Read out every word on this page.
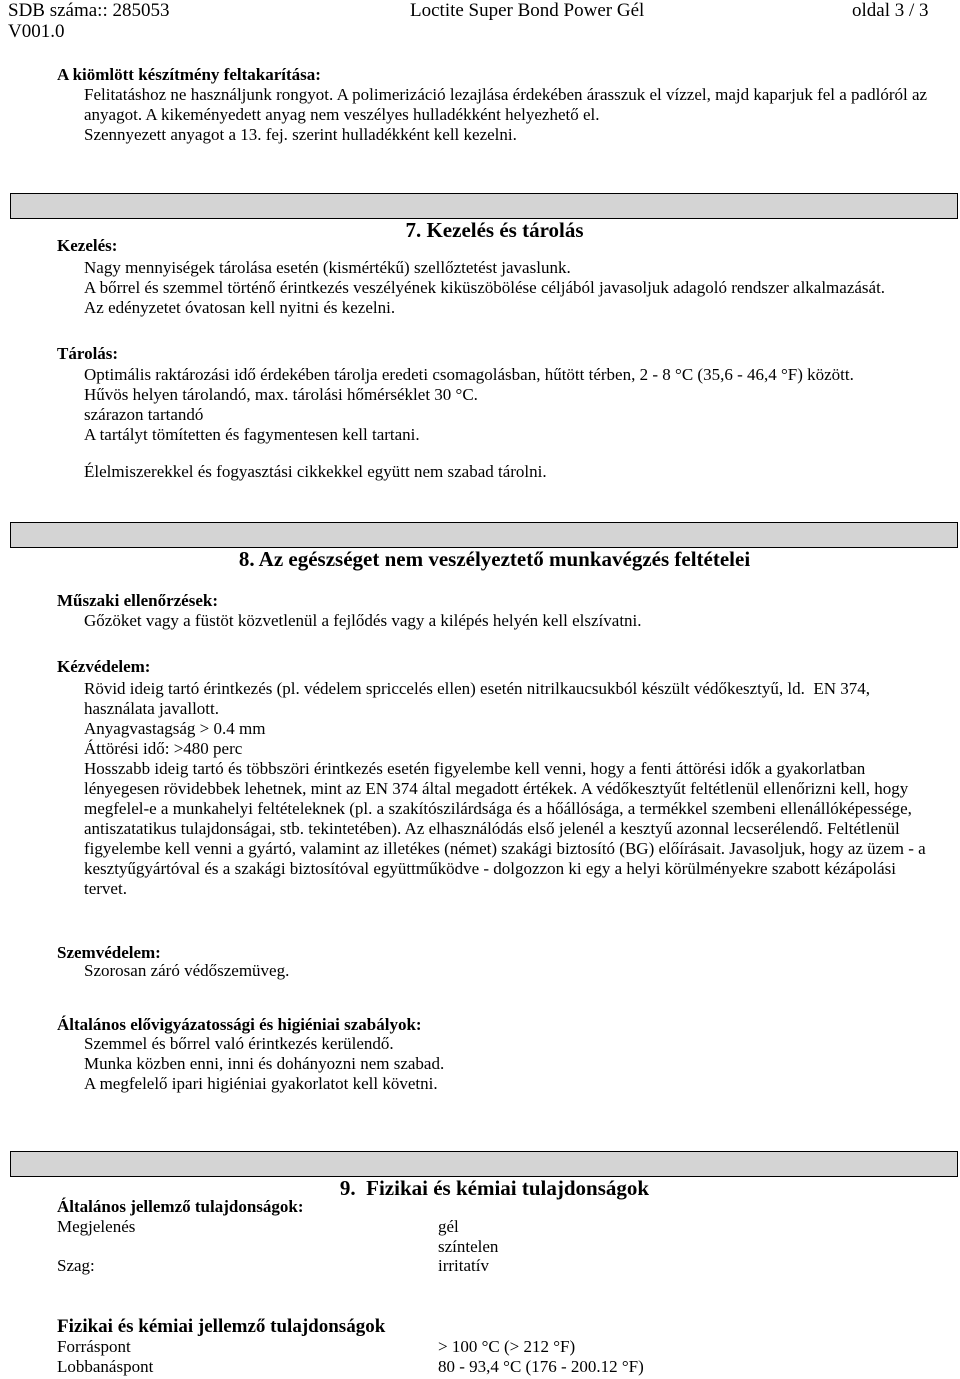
SDB száma:: 285053	Loctite Super Bond Power Gél	oldal 3 / 3
V001.0
A kiömlött készítmény feltakarítása:
Felitatáshoz ne használjunk rongyot. A polimerizáció lezajlása érdekében árasszuk el vízzel, majd kaparjuk fel a padlóról az
anyagot. A kikeményedett anyag nem veszélyes hulladékként helyezhető el.
Szennyezett anyagot a 13. fej. szerint hulladékként kell kezelni.

7. Kezelés és tárolás

Kezelés:
Nagy mennyiségek tárolása esetén (kismértékű) szellőztetést javaslunk.
A bőrrel és szemmel történő érintkezés veszélyének kiküszöbölése céljából javasoljuk adagoló rendszer alkalmazását.
Az edényzetet óvatosan kell nyitni és kezelni.
Tárolás:
Optimális raktározási idő érdekében tárolja eredeti csomagolásban, hűtött térben, 2 - 8 °C (35,6 - 46,4 °F) között.
Hűvös helyen tárolandó, max. tárolási hőmérséklet 30 °C.
szárazon tartandó
A tartályt tömítetten és fagymentesen kell tartani.
Élelmiszerekkel és fogyasztási cikkekkel együtt nem szabad tárolni.

8. Az egészséget nem veszélyeztető munkavégzés feltételei

Műszaki ellenőrzések:
Gőzöket vagy a füstöt közvetlenül a fejlődés vagy a kilépés helyén kell elszívatni.
Kézvédelem:
Rövid ideig tartó érintkezés (pl. védelem spriccelés ellen) esetén nitrilkaucsukból készült védőkesztyű, ld.  EN 374,
használata javallott.
Anyagvastagság > 0.4 mm
Áttörési idő: >480 perc
Hosszabb ideig tartó és többszöri érintkezés esetén figyelembe kell venni, hogy a fenti áttörési idők a gyakorlatban
lényegesen rövidebbek lehetnek, mint az EN 374 által megadott értékek. A védőkesztyűt feltétlenül ellenőrizni kell, hogy
megfelel-e a munkahelyi feltételeknek (pl. a szakítószilárdsága és a hőállósága, a termékkel szembeni ellenállóképessége,
antiszatatikus tulajdonságai, stb. tekintetében). Az elhasználódás első jelenél a kesztyű azonnal lecserélendő. Feltétlenül
figyelembe kell venni a gyártó, valamint az illetékes (német) szakági biztosító (BG) előírásait. Javasoljuk, hogy az üzem - a
kesztyűgyártóval és a szakági biztosítóval együttműködve - dolgozzon ki egy a helyi körülményekre szabott kézápolási
tervet.
Szemvédelem:
Szorosan záró védőszemüveg.
Általános elővigyázatossági és higiéniai szabályok:
Szemmel és bőrrel való érintkezés kerülendő.
Munka közben enni, inni és dohányozni nem szabad.
A megfelelő ipari higiéniai gyakorlatot kell követni.

9.  Fizikai és kémiai tulajdonságok

Általános jellemző tulajdonságok:

Megjelenés

	gél

színtelen

Szag:

	irritatív

Fizikai és kémiai jellemző tulajdonságok

Forráspont

	> 100 °C (> 212 °F)

Lobbanáspont

	80 - 93,4 °C (176 - 200.12 °F)
